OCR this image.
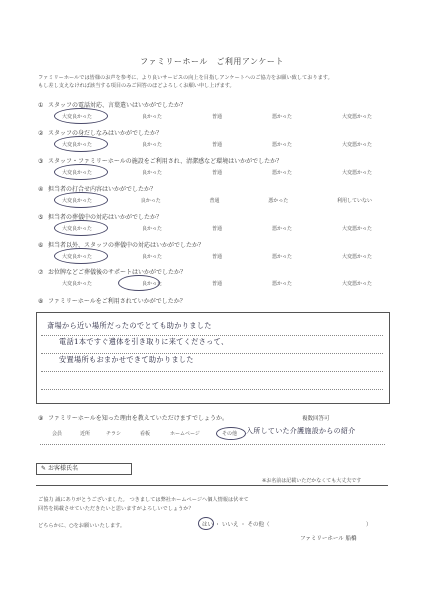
ファミリーホール　ご利用アンケート
ファミリーホールでは皆様のお声を参考に、より良いサービスの向上を目指しアンケートへのご協力をお願い致しております。
もし差し支えなければ該当する項目のみご回答のほどよろしくお願い申し上げます。
① スタッフの電話対応、言葉遣いはいかがでしたか？
大変良かった	良かった	普通	悪かった	大変悪かった
② スタッフの身だしなみはいかがでしたか？
大変良かった	良かった	普通	悪かった	大変悪かった
③ スタッフ・ファミリーホールの施設をご利用され、清潔感など環境はいかがでしたか？
大変良かった	良かった	普通	悪かった	大変悪かった
④ 担当者の打合せ内容はいかがでしたか？
大変良かった	良かった	普通	悪かった	利用していない
⑤ 担当者の葬儀中の対応はいかがでしたか？
大変良かった	良かった	普通	悪かった	大変悪かった
⑥ 担当者以外、スタッフの葬儀中の対応はいかがでしたか？
大変良かった	良かった	普通	悪かった	大変悪かった
⑦ お位牌などご葬儀後のサポートはいかがでしたか？
大変良かった	良かった	普通	悪かった	大変悪かった
⑧ ファミリーホールをご利用されていかがでしたか？
斎場から近い場所だったのでとても助かりました
電話1本ですぐ遺体を引き取りに来てくださって、
安置場所もおまかせできて助かりました
⑨ ファミリーホールを知った理由を教えていただけますでしょうか。	複数回答可
会員	近所	チラシ	看板	ホームページ	その他 入所していた介護施設からの紹介
✎ お客様氏名
※お名前は記載いただかなくても大丈夫です
ご協力 誠にありがとうございました。 つきましては弊社ホームページへ個人情報は伏せて
回答を掲載させていただきたいと思いますがよろしいでしょうか？
どちらかに、○をお願いいたします。	はい ・ いいえ ・ その他（	）
ファミリーホール 船橋
